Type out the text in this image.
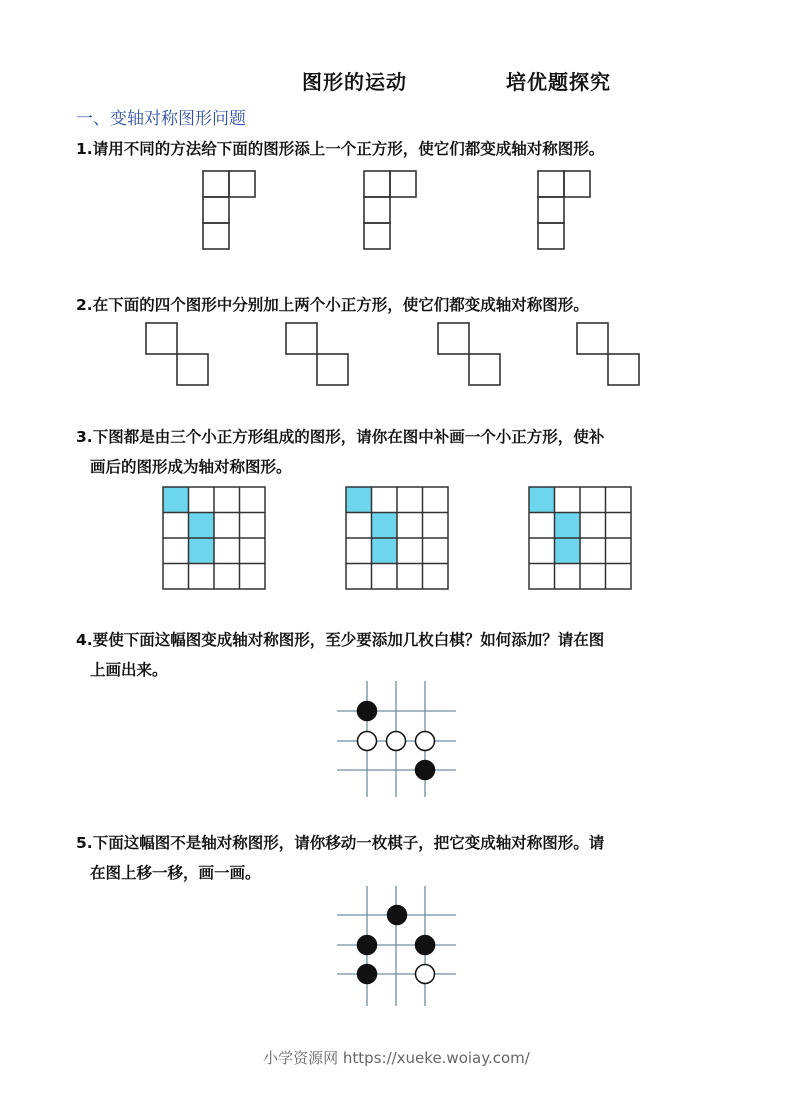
图形的运动	培优题探究
一、变轴对称图形问题
1.请用不同的方法给下面的图形添上一个正方形，使它们都变成轴对称图形。
2.在下面的四个图形中分别加上两个小正方形，使它们都变成轴对称图形。
3.下图都是由三个小正方形组成的图形，请你在图中补画一个小正方形，使补
画后的图形成为轴对称图形。
4.要使下面这幅图变成轴对称图形，至少要添加几枚白棋？如何添加？请在图
上画出来。
5.下面这幅图不是轴对称图形，请你移动一枚棋子，把它变成轴对称图形。请
在图上移一移，画一画。
小学资源网 https://xueke.woiay.com/
